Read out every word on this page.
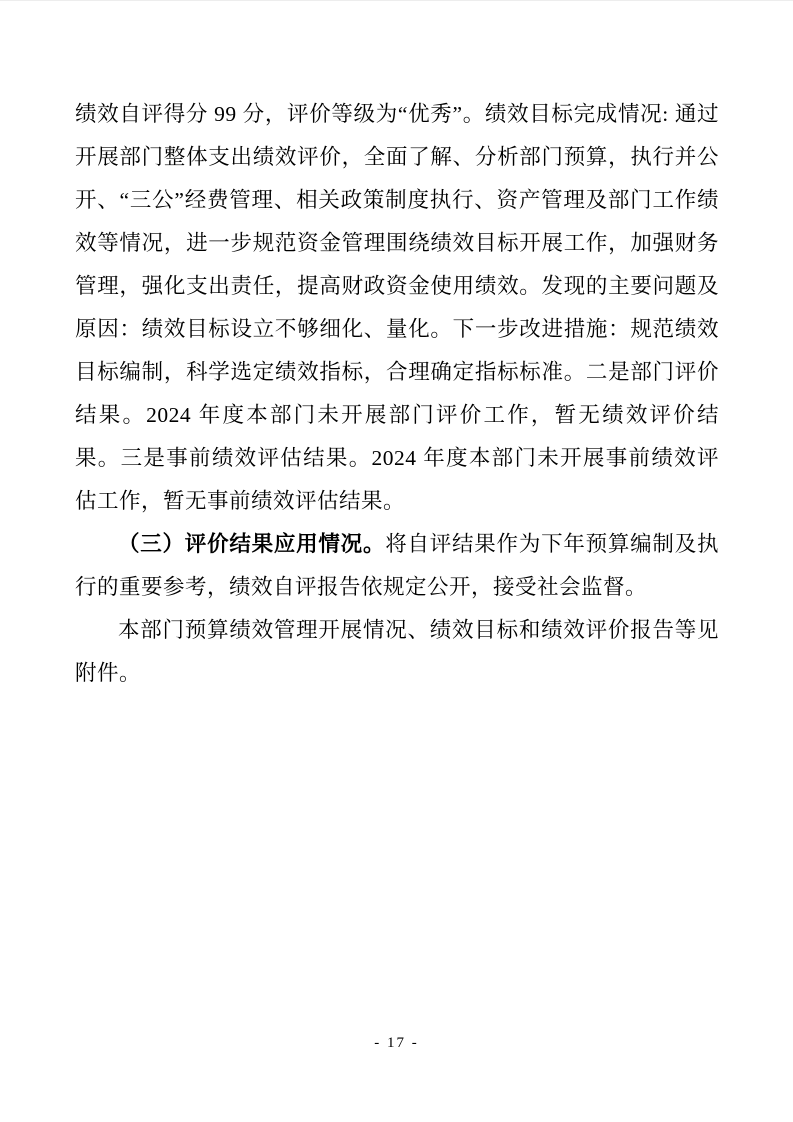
绩效自评得分 99 分，评价等级为“优秀”。绩效目标完成情况: 通过开展部门整体支出绩效评价，全面了解、分析部门预算，执行并公开、“三公”经费管理、相关政策制度执行、资产管理及部门工作绩效等情况，进一步规范资金管理围绕绩效目标开展工作，加强财务管理，强化支出责任，提高财政资金使用绩效。发现的主要问题及原因：绩效目标设立不够细化、量化。下一步改进措施：规范绩效目标编制，科学选定绩效指标，合理确定指标标准。二是部门评价结果。2024 年度本部门未开展部门评价工作，暂无绩效评价结果。三是事前绩效评估结果。2024 年度本部门未开展事前绩效评估工作，暂无事前绩效评估结果。

（三）评价结果应用情况。将自评结果作为下年预算编制及执行的重要参考，绩效自评报告依规定公开，接受社会监督。

本部门预算绩效管理开展情况、绩效目标和绩效评价报告等见附件。

- 17 -
